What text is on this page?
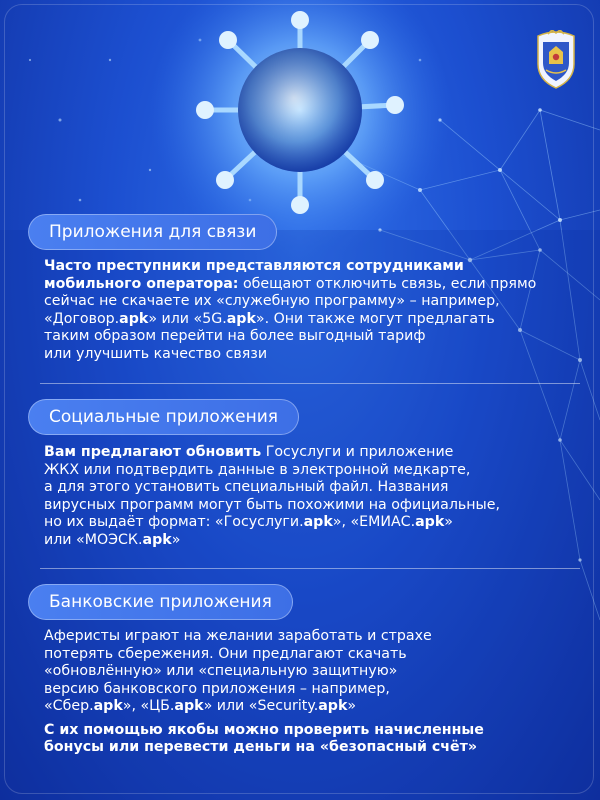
Приложения для связи

Часто преступники представляются сотрудниками

мобильного оператора: обещают отключить связь, если прямо

сейчас не скачаете их «служебную программу» – например,

«Договор.apk» или «5G.apk». Они также могут предлагать

таким образом перейти на более выгодный тариф

или улучшить качество связи

Социальные приложения

Вам предлагают обновить Госуслуги и приложение

ЖКХ или подтвердить данные в электронной медкарте,

а для этого установить специальный файл. Названия

вирусных программ могут быть похожими на официальные,

но их выдаёт формат: «Госуслуги.apk», «ЕМИАС.apk»

или «МОЭСК.apk»

Банковские приложения

Аферисты играют на желании заработать и страхе

потерять сбережения. Они предлагают скачать

«обновлённую» или «специальную защитную»

версию банковского приложения – например,

«Сбер.apk», «ЦБ.apk» или «Security.apk»

С их помощью якобы можно проверить начисленные

бонусы или перевести деньги на «безопасный счёт»
